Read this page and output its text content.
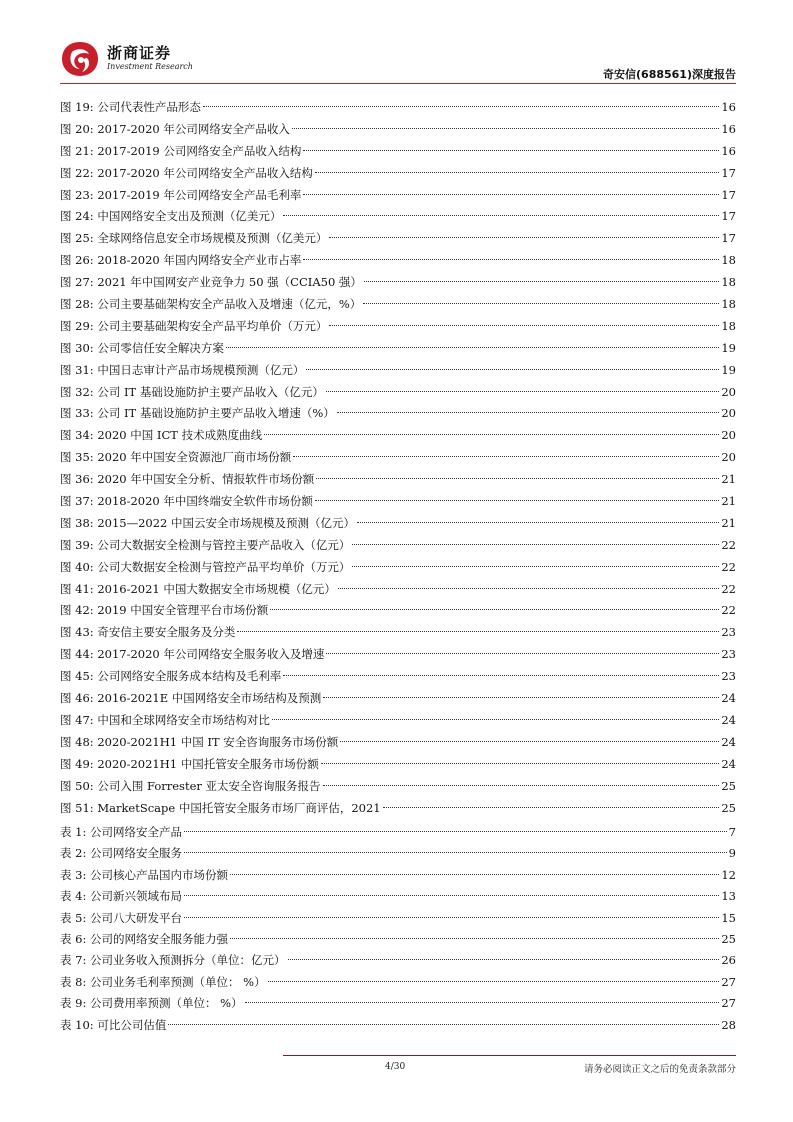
浙商证券
Investment Research
奇安信(688561)深度报告
图 19: 公司代表性产品形态	16
图 20: 2017-2020 年公司网络安全产品收入	16
图 21: 2017-2019 公司网络安全产品收入结构	16
图 22: 2017-2020 年公司网络安全产品收入结构	17
图 23: 2017-2019 年公司网络安全产品毛利率	17
图 24: 中国网络安全支出及预测（亿美元）	17
图 25: 全球网络信息安全市场规模及预测（亿美元）	17
图 26: 2018-2020 年国内网络安全产业市占率	18
图 27: 2021 年中国网安产业竞争力 50 强（CCIA50 强）	18
图 28: 公司主要基础架构安全产品收入及增速（亿元，%）	18
图 29: 公司主要基础架构安全产品平均单价（万元）	18
图 30: 公司零信任安全解决方案	19
图 31: 中国日志审计产品市场规模预测（亿元）	19
图 32: 公司 IT 基础设施防护主要产品收入（亿元）	20
图 33: 公司 IT 基础设施防护主要产品收入增速（%）	20
图 34: 2020 中国 ICT 技术成熟度曲线	20
图 35: 2020 年中国安全资源池厂商市场份额	20
图 36: 2020 年中国安全分析、情报软件市场份额	21
图 37: 2018-2020 年中国终端安全软件市场份额	21
图 38: 2015—2022 中国云安全市场规模及预测（亿元）	21
图 39: 公司大数据安全检测与管控主要产品收入（亿元）	22
图 40: 公司大数据安全检测与管控产品平均单价（万元）	22
图 41: 2016-2021 中国大数据安全市场规模（亿元）	22
图 42: 2019 中国安全管理平台市场份额	22
图 43: 奇安信主要安全服务及分类	23
图 44: 2017-2020 年公司网络安全服务收入及增速	23
图 45: 公司网络安全服务成本结构及毛利率	23
图 46: 2016-2021E 中国网络安全市场结构及预测	24
图 47: 中国和全球网络安全市场结构对比	24
图 48: 2020-2021H1 中国 IT 安全咨询服务市场份额	24
图 49: 2020-2021H1 中国托管安全服务市场份额	24
图 50: 公司入围 Forrester 亚太安全咨询服务报告	25
图 51: MarketScape 中国托管安全服务市场厂商评估，2021	25
表 1: 公司网络安全产品	7
表 2: 公司网络安全服务	9
表 3: 公司核心产品国内市场份额	12
表 4: 公司新兴领域布局	13
表 5: 公司八大研发平台	15
表 6: 公司的网络安全服务能力强	25
表 7: 公司业务收入预测拆分（单位：亿元）	26
表 8: 公司业务毛利率预测（单位： %）	27
表 9: 公司费用率预测（单位： %）	27
表 10: 可比公司估值	28
4/30	请务必阅读正文之后的免责条款部分
